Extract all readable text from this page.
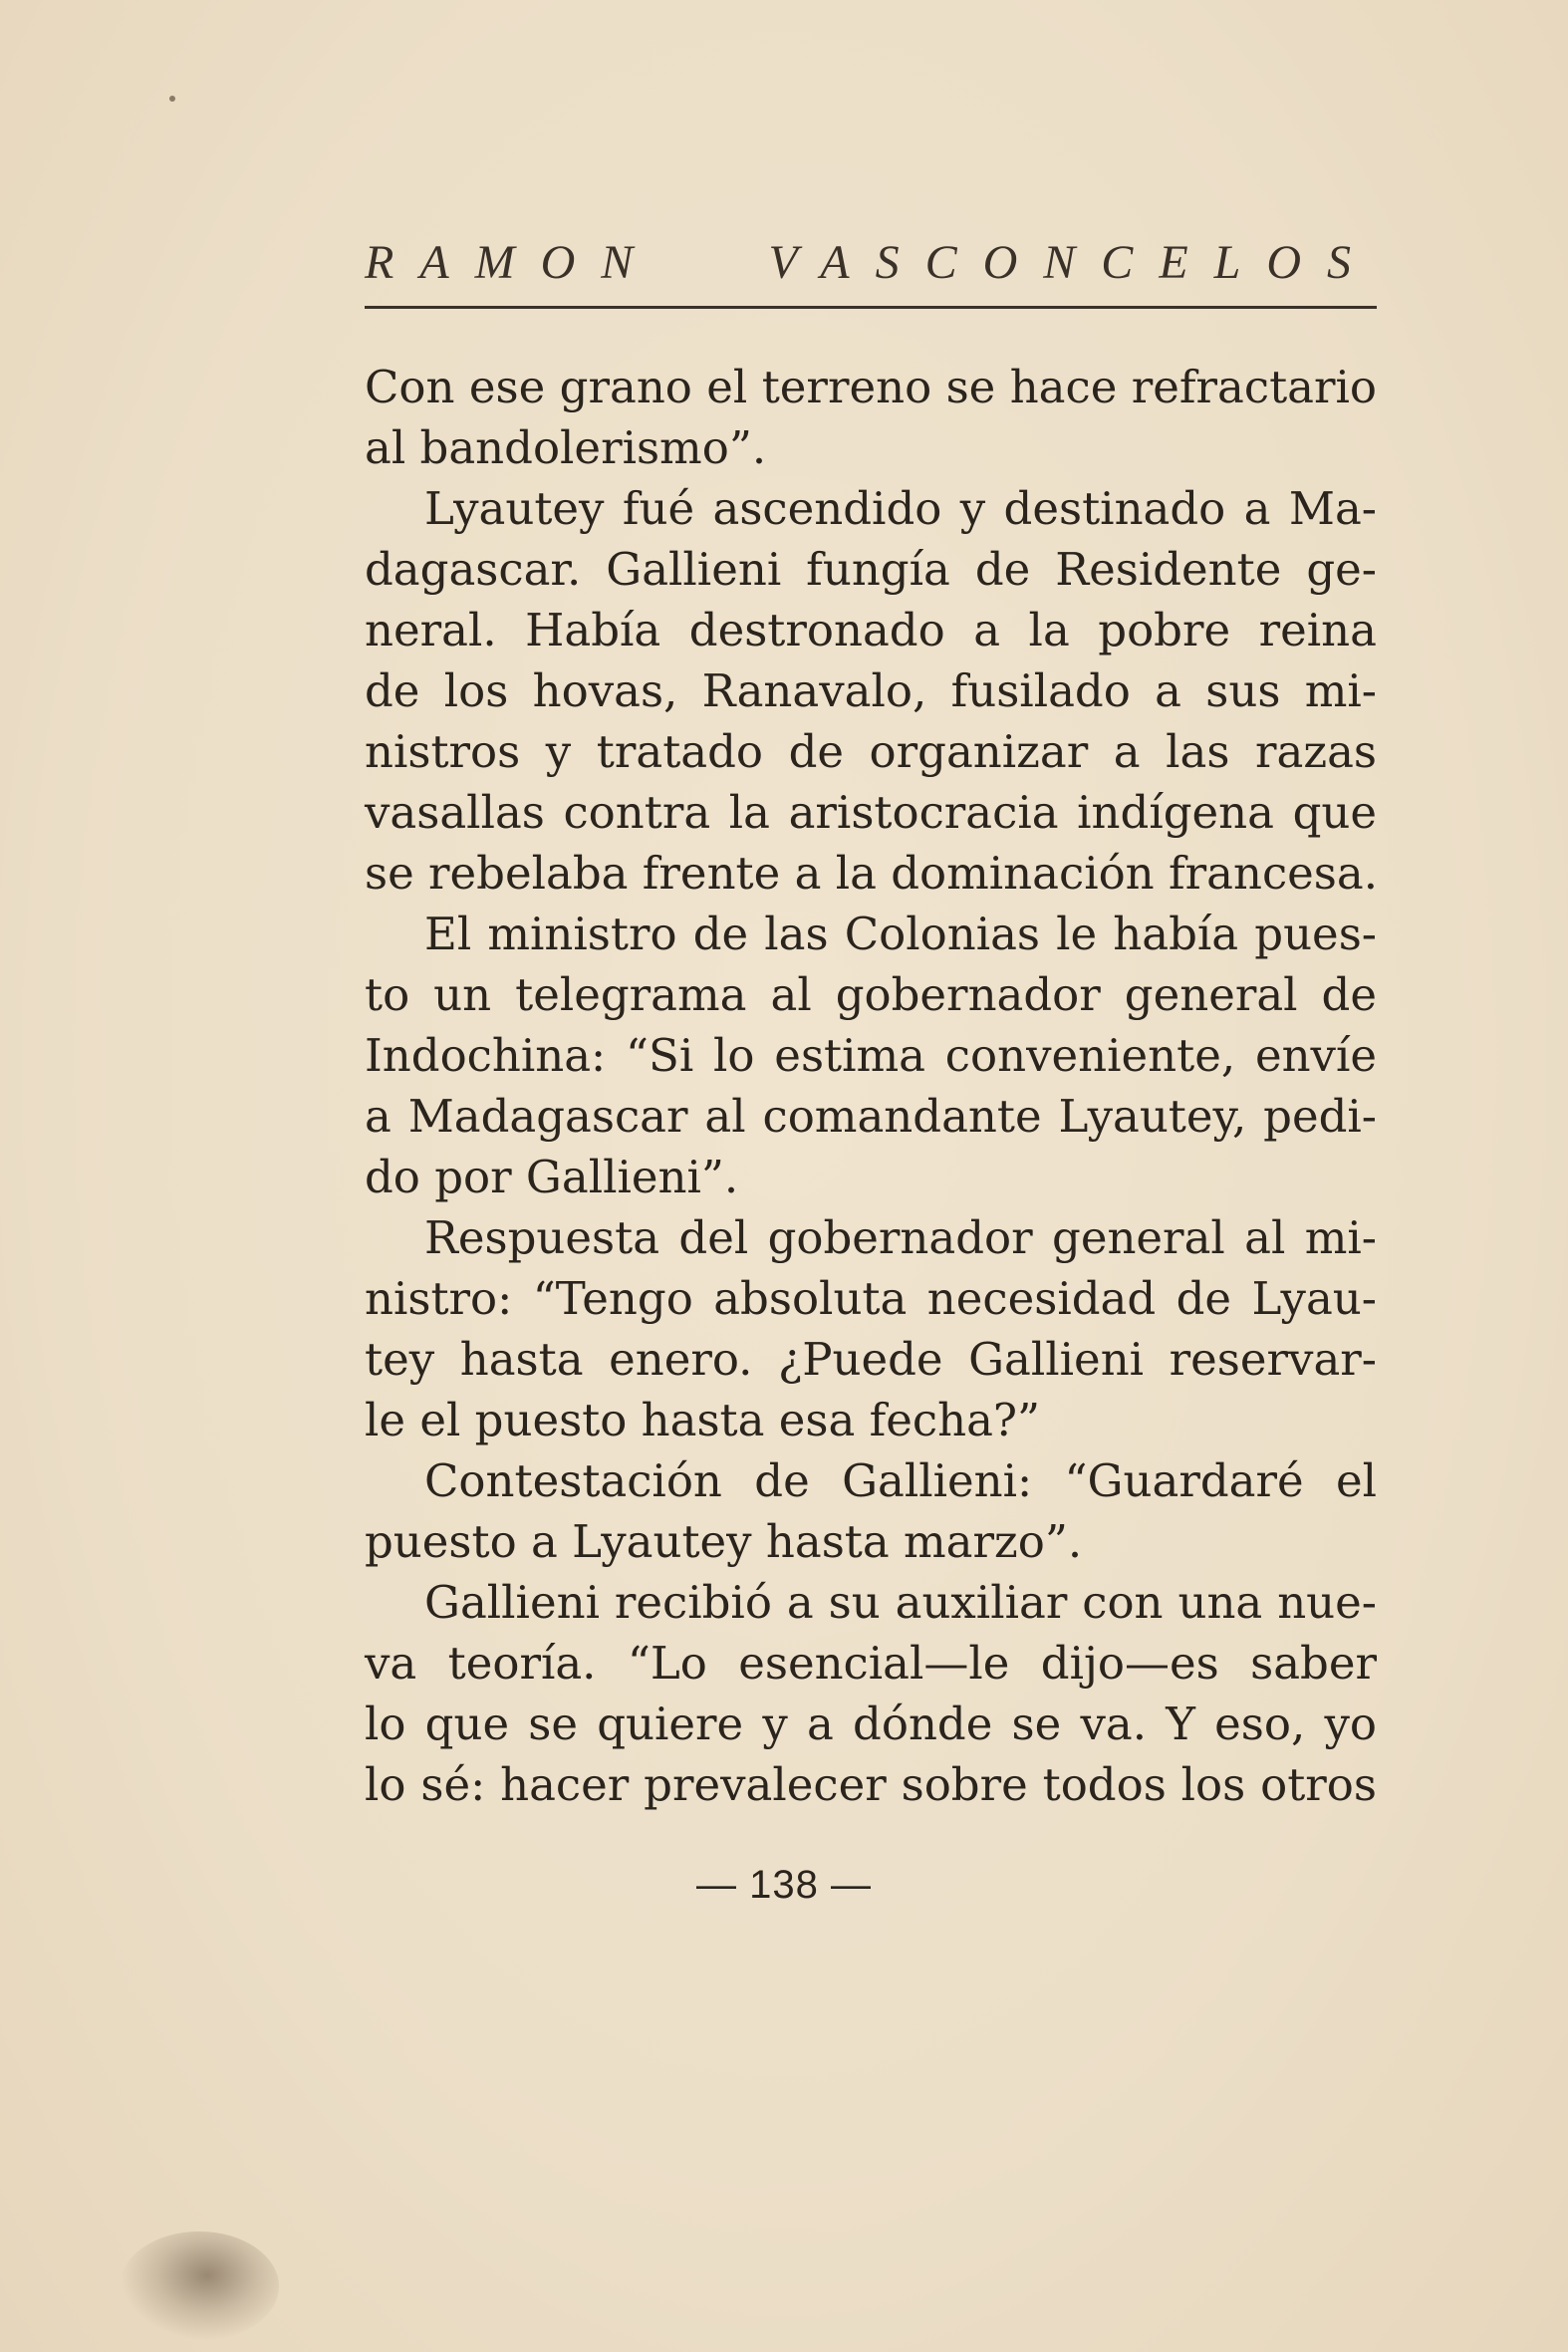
RAMON VASCONCELOS
Con ese grano el terreno se hace refractario
al bandolerismo”.
Lyautey fué ascendido y destinado a Ma-
dagascar. Gallieni fungía de Residente ge-
neral. Había destronado a la pobre reina
de los hovas, Ranavalo, fusilado a sus mi-
nistros y tratado de organizar a las razas
vasallas contra la aristocracia indígena que
se rebelaba frente a la dominación francesa.
El ministro de las Colonias le había pues-
to un telegrama al gobernador general de
Indochina: “Si lo estima conveniente, envíe
a Madagascar al comandante Lyautey, pedi-
do por Gallieni”.
Respuesta del gobernador general al mi-
nistro: “Tengo absoluta necesidad de Lyau-
tey hasta enero. ¿Puede Gallieni reservar-
le el puesto hasta esa fecha?”
Contestación de Gallieni: “Guardaré el
puesto a Lyautey hasta marzo”.
Gallieni recibió a su auxiliar con una nue-
va teoría. “Lo esencial—le dijo—es saber
lo que se quiere y a dónde se va. Y eso, yo
lo sé: hacer prevalecer sobre todos los otros
— 138 —
